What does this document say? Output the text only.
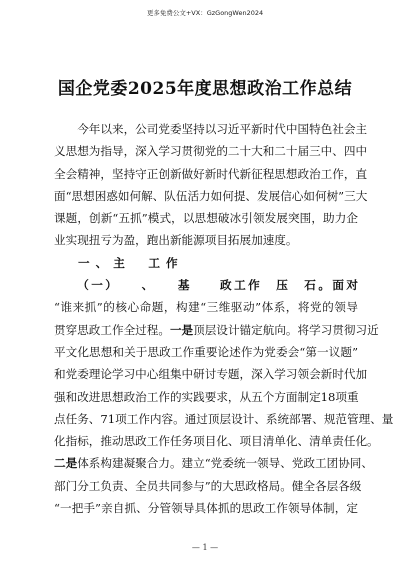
更多免费公文+VX：GzGongWen2024
国企党委2025年度思想政治工作总结
今年以来，公司党委坚持以习近平新时代中国特色社会主
义思想为指导，深入学习贯彻党的二十大和二十届三中、四中
全会精神，坚持守正创新做好新时代新征程思想政治工作，直
面“思想困惑如何解、队伍活力如何提、发展信心如何树”三大
课题，创新“五抓”模式，以思想破冰引领发展突围，助力企
业实现扭亏为盈，跑出新能源项目拓展加速度。
一、主　工作
（一）　　、　　基　　政工作　压　石。面对
“谁来抓”的核心命题，构建“三维驱动”体系，将党的领导
贯穿思政工作全过程。一是顶层设计锚定航向。将学习贯彻习近
平文化思想和关于思政工作重要论述作为党委会“第一议题”
和党委理论学习中心组集中研讨专题，深入学习领会新时代加
强和改进思想政治工作的实践要求，从五个方面制定18项重
点任务、71项工作内容。通过顶层设计、系统部署、规范管理、量
化指标，推动思政工作任务项目化、项目清单化、清单责任化。
二是体系构建凝聚合力。建立“党委统一领导、党政工团协同、
部门分工负责、全员共同参与”的大思政格局。健全各层各级
“一把手”亲自抓、分管领导具体抓的思政工作领导体制，定
— 1 —
